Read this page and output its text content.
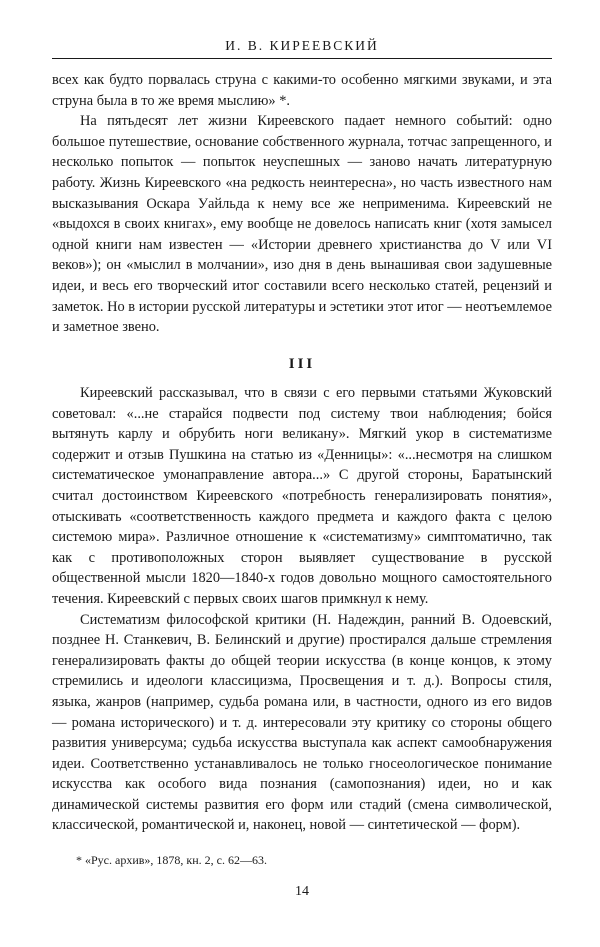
И. В. КИРЕЕВСКИЙ

всех как будто порвалась струна с какими-то особенно мягкими звуками, и эта струна была в то же время мыслию» *.

На пятьдесят лет жизни Киреевского падает немного событий: одно большое путешествие, основание собственного журнала, тотчас запрещенного, и несколько попыток — попыток неуспешных — заново начать литературную работу. Жизнь Киреевского «на редкость неинтересна», но часть известного нам высказывания Оскара Уайльда к нему все же неприменима. Киреевский не «выдохся в своих книгах», ему вообще не довелось написать книг (хотя замысел одной книги нам известен — «Истории древнего христианства до V или VI веков»); он «мыслил в молчании», изо дня в день вынашивая свои задушевные идеи, и весь его творческий итог составили всего несколько статей, рецензий и заметок. Но в истории русской литературы и эстетики этот итог — неотъемлемое и заметное звено.

III

Киреевский рассказывал, что в связи с его первыми статьями Жуковский советовал: «...не старайся подвести под систему твои наблюдения; бойся вытянуть карлу и обрубить ноги великану». Мягкий укор в систематизме содержит и отзыв Пушкина на статью из «Денницы»: «...несмотря на слишком систематическое умонаправление автора...» С другой стороны, Баратынский считал достоинством Киреевского «потребность генерализировать понятия», отыскивать «соответственность каждого предмета и каждого факта с целою системою мира». Различное отношение к «систематизму» симптоматично, так как с противоположных сторон выявляет существование в русской общественной мысли 1820—1840-х годов довольно мощного самостоятельного течения. Киреевский с первых своих шагов примкнул к нему.

Систематизм философской критики (Н. Надеждин, ранний В. Одоевский, позднее Н. Станкевич, В. Белинский и другие) простирался дальше стремления генерализировать факты до общей теории искусства (в конце концов, к этому стремились и идеологи классицизма, Просвещения и т. д.). Вопросы стиля, языка, жанров (например, судьба романа или, в частности, одного из его видов — романа исторического) и т. д. интересовали эту критику со стороны общего развития универсума; судьба искусства выступала как аспект самообнаружения идеи. Соответственно устанавливалось не только гносеологическое понимание искусства как особого вида познания (самопознания) идеи, но и как динамической системы развития его форм или стадий (смена символической, классической, романтической и, наконец, новой — синтетической — форм).

* «Рус. архив», 1878, кн. 2, с. 62—63.
14
